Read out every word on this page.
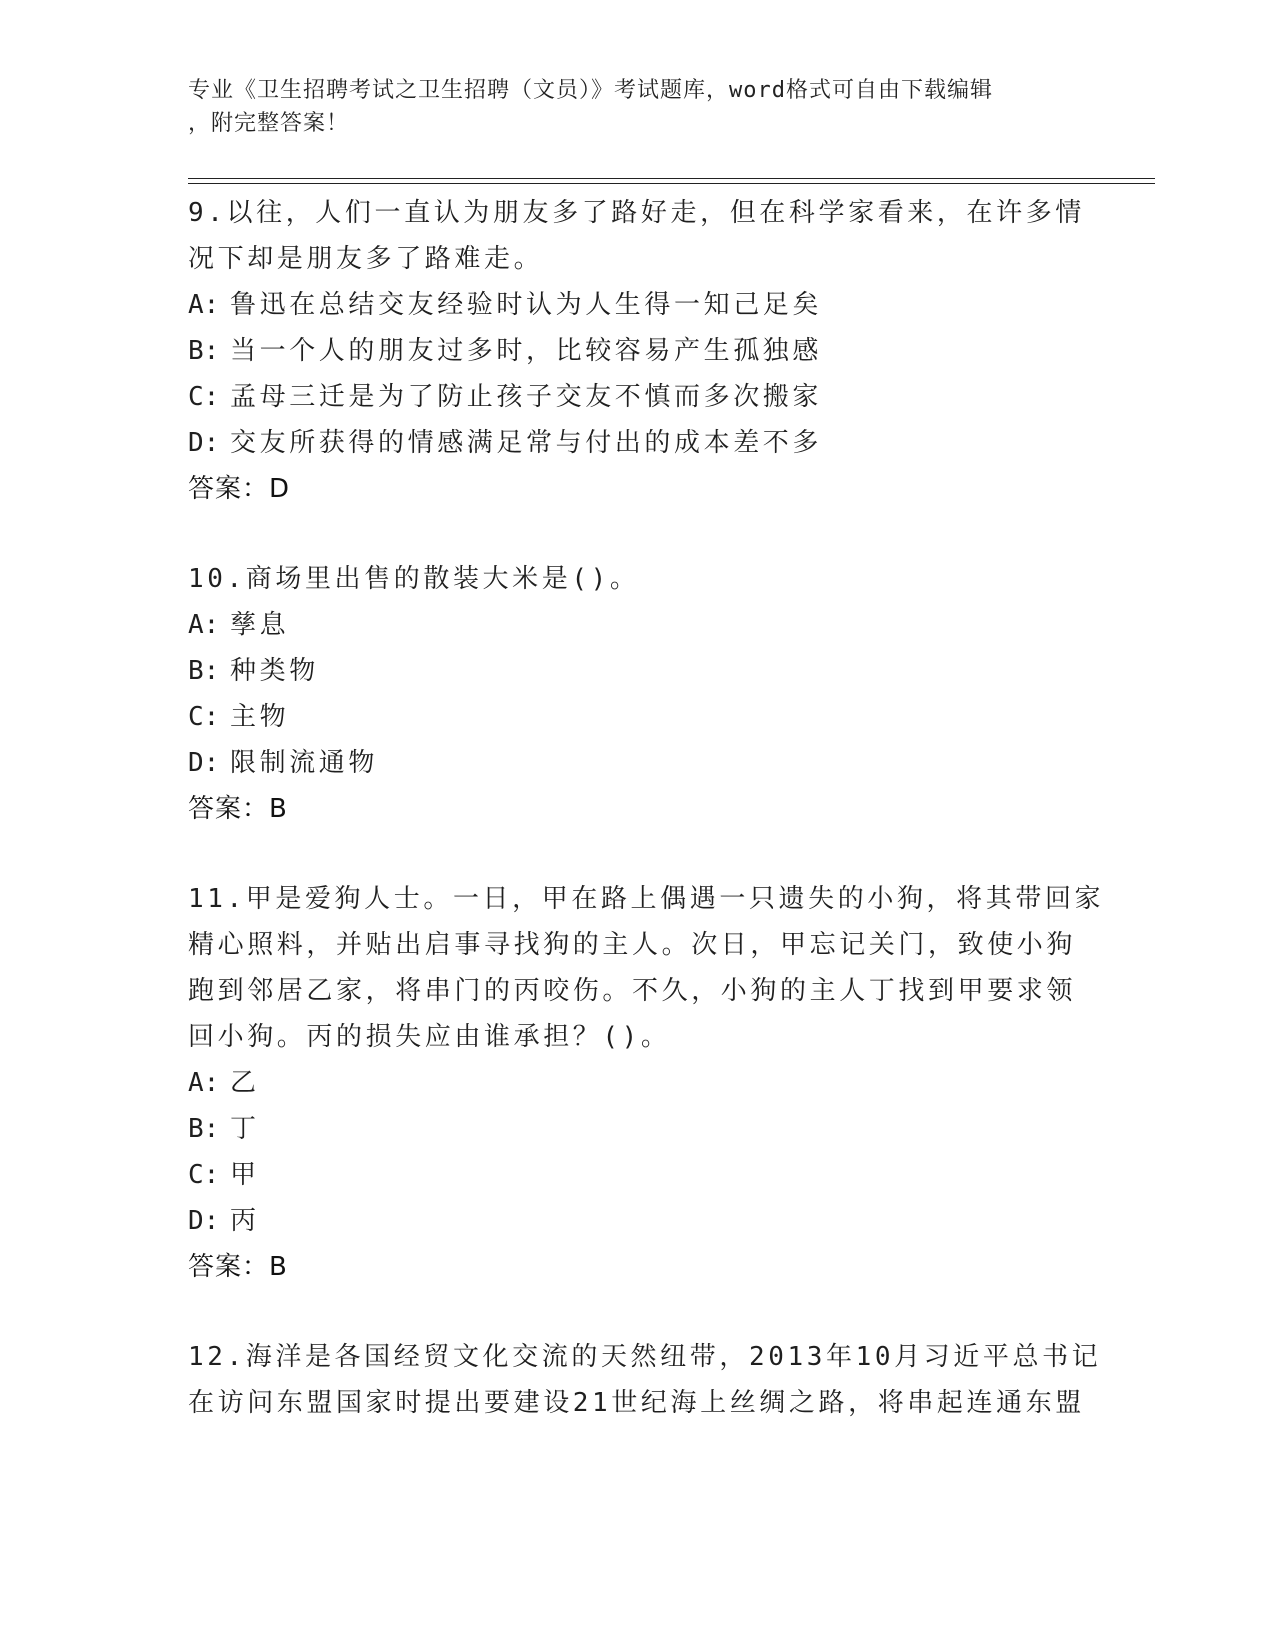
专业《卫生招聘考试之卫生招聘（文员）》考试题库，word格式可自由下载编辑
，附完整答案！
9.以往，人们一直认为朋友多了路好走，但在科学家看来，在许多情
况下却是朋友多了路难走。
A: 鲁迅在总结交友经验时认为人生得一知己足矣
B: 当一个人的朋友过多时，比较容易产生孤独感
C: 孟母三迁是为了防止孩子交友不慎而多次搬家
D: 交友所获得的情感满足常与付出的成本差不多
答案：D
10.商场里出售的散装大米是()。
A: 孳息
B: 种类物
C: 主物
D: 限制流通物
答案：B
11.甲是爱狗人士。一日，甲在路上偶遇一只遗失的小狗，将其带回家
精心照料，并贴出启事寻找狗的主人。次日，甲忘记关门，致使小狗
跑到邻居乙家，将串门的丙咬伤。不久，小狗的主人丁找到甲要求领
回小狗。丙的损失应由谁承担？()。
A: 乙
B: 丁
C: 甲
D: 丙
答案：B
12.海洋是各国经贸文化交流的天然纽带，2013年10月习近平总书记
在访问东盟国家时提出要建设21世纪海上丝绸之路，将串起连通东盟
